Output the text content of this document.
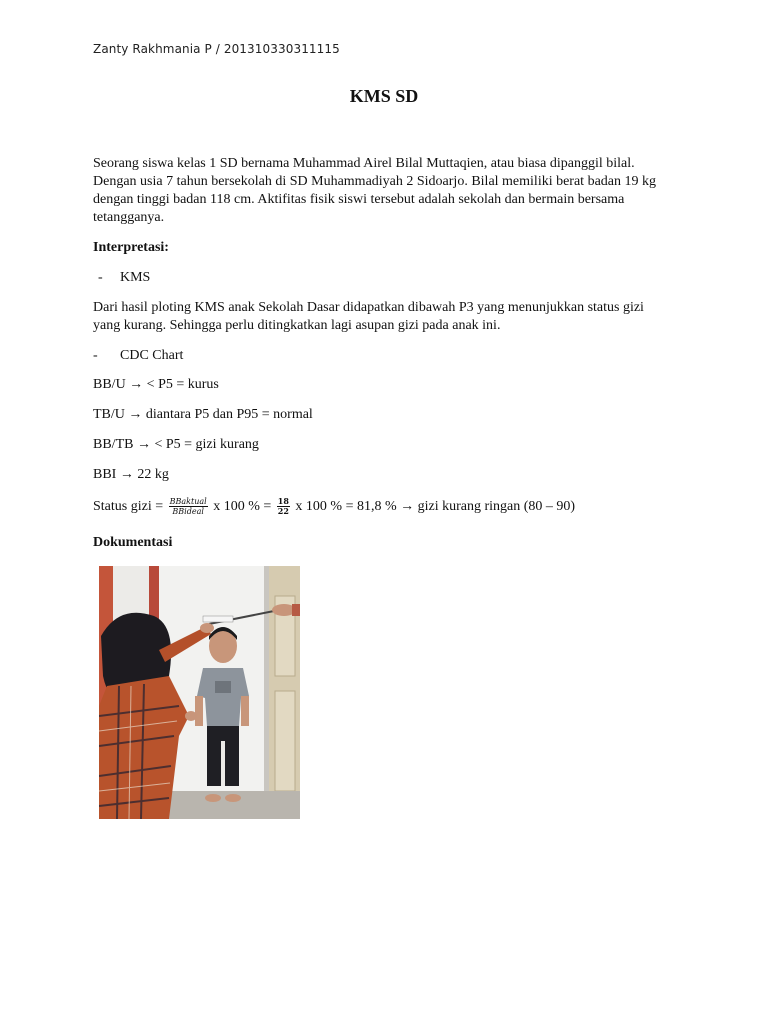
Zanty Rakhmania P / 201310330311115
KMS SD
Seorang siswa kelas 1 SD bernama Muhammad Airel Bilal Muttaqien, atau biasa dipanggil bilal.
Dengan usia 7 tahun bersekolah di SD Muhammadiyah 2 Sidoarjo. Bilal memiliki berat badan 19 kg
dengan tinggi badan 118 cm. Aktifitas fisik siswi tersebut adalah sekolah dan bermain bersama
tetangganya.
Interpretasi:
- KMS
Dari hasil ploting KMS anak Sekolah Dasar didapatkan dibawah P3 yang menunjukkan status gizi
yang kurang. Sehingga perlu ditingkatkan lagi asupan gizi pada anak ini.
- CDC Chart
BB/U → < P5 = kurus
TB/U → diantara P5 dan P95 = normal
BB/TB → < P5 = gizi kurang
BBI → 22 kg
Status gizi = $\frac{\text{BBaktual}}{\text{BBideal}}$ x 100 % = $\frac{18}{22}$ x 100 % = 81,8 % → gizi kurang ringan (80 – 90)
Dokumentasi
